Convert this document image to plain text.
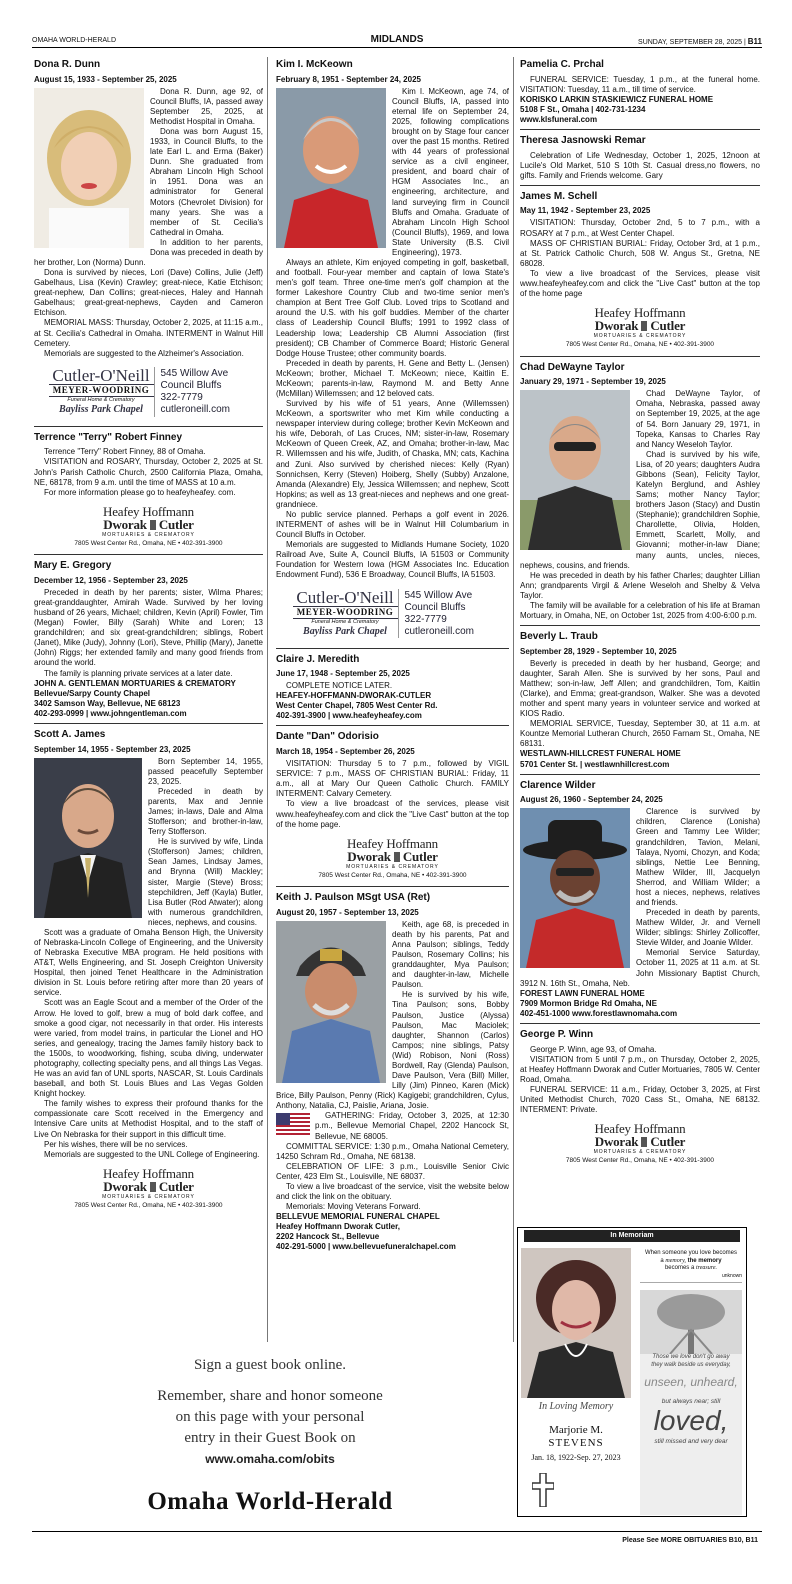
OMAHA WORLD-HERALD	MIDLANDS	SUNDAY, SEPTEMBER 28, 2025 | B11
Dona R. Dunn
August 15, 1933 - September 25, 2025

Dona R. Dunn, age 92, of Council Bluffs, IA, passed away September 25, 2025, at Methodist Hospital in Omaha.

Dona was born August 15, 1933, in Council Bluffs, to the late Earl L. and Erma (Baker) Dunn. She graduated from Abraham Lincoln High School in 1951. Dona was an administrator for General Motors (Chevrolet Division) for many years. She was a member of St. Cecilia's Cathedral in Omaha.

In addition to her parents, Dona was preceded in death by her brother, Lon (Norma) Dunn.

Dona is survived by nieces, Lori (Dave) Collins, Julie (Jeff) Gabelhaus, Lisa (Kevin) Crawley; great-niece, Katie Etchison; great-nephew, Dan Collins; great-nieces, Haley and Hannah Gabelhaus; great-great-nephews, Cayden and Cameron Etchison.

MEMORIAL MASS: Thursday, October 2, 2025, at 11:15 a.m., at St. Cecilia's Cathedral in Omaha. INTERMENT in Walnut Hill Cemetery.

Memorials are suggested to the Alzheimer's Association.

Cutler-O'Neill
MEYER-WOODRING
Funeral Home & Crematory
Bayliss Park Chapel
545 Willow Ave
Council Bluffs
322-7779
cutleroneill.com
Terrence "Terry" Robert Finney

Terrence "Terry" Robert Finney, 88 of Omaha.

VISITATION and ROSARY, Thursday, October 2, 2025 at St. John's Parish Catholic Church, 2500 California Plaza, Omaha, NE, 68178, from 9 a.m. until the time of MASS at 10 a.m.

For more information please go to heafeyheafey. com.

Heafey Hoffmann
Dworak Cutler
MORTUARIES & CREMATORY
7805 West Center Rd., Omaha, NE • 402-391-3900
Mary E. Gregory
December 12, 1956 - September 23, 2025

Preceded in death by her parents; sister, Wilma Phares; great-granddaughter, Amirah Wade. Survived by her loving husband of 26 years, Michael; children, Kevin (April) Fowler, Tim (Megan) Fowler, Billy (Sarah) White and Loren; 13 grandchildren; and six great-grandchildren; siblings, Robert (Janet), Mike (Judy), Johnny (Lori), Steve, Phillip (Mary), Janette (John) Riggs; her extended family and many good friends from around the world.

The family is planning private services at a later date.

JOHN A. GENTLEMAN MORTUARIES & CREMATORY

Bellevue/Sarpy County Chapel

3402 Samson Way, Bellevue, NE 68123

402-293-0999 | www.johngentleman.com

Scott A. James
September 14, 1955 - September 23, 2025

Born September 14, 1955, passed peacefully September 23, 2025.

Preceded in death by parents, Max and Jennie James; in-laws, Dale and Alma Stofferson; and brother-in-law, Terry Stofferson.

He is survived by wife, Linda (Stofferson) James; children, Sean James, Lindsay James, and Brynna (Will) Mackley; sister, Margie (Steve) Bross; stepchildren, Jeff (Kayla) Butler, Lisa Butler (Rod Atwater); along with numerous grandchildren, nieces, nephews, and cousins.

Scott was a graduate of Omaha Benson High, the University of Nebraska-Lincoln College of Engineering, and the University of Nebraska Executive MBA program. He held positions with AT&T, Wells Engineering, and St. Joseph Creighton University Hospital, then joined Tenet Healthcare in the Administration division in St. Louis before retiring after more than 20 years of service.

Scott was an Eagle Scout and a member of the Order of the Arrow. He loved to golf, brew a mug of bold dark coffee, and smoke a good cigar, not necessarily in that order. His interests were varied, from model trains, in particular the Lionel and HO series, and genealogy, tracing the James family history back to the 1500s, to woodworking, fishing, scuba diving, underwater photography, collecting specialty pens, and all things Las Vegas. He was an avid fan of UNL sports, NASCAR, St. Louis Cardinals baseball, and both St. Louis Blues and Las Vegas Golden Knight hockey.

The family wishes to express their profound thanks for the compassionate care Scott received in the Emergency and Intensive Care units at Methodist Hospital, and to the staff of Live On Nebraska for their support in this difficult time.

Per his wishes, there will be no services.

Memorials are suggested to the UNL College of Engineering.

Heafey Hoffmann
Dworak Cutler
MORTUARIES & CREMATORY
7805 West Center Rd., Omaha, NE • 402-391-3900
Kim I. McKeown
February 8, 1951 - September 24, 2025

Kim I. McKeown, age 74, of Council Bluffs, IA, passed into eternal life on September 24, 2025, following complications brought on by Stage four cancer over the past 15 months. Retired with 44 years of professional service as a civil engineer, president, and board chair of HGM Associates Inc., an engineering, architecture, and land surveying firm in Council Bluffs and Omaha. Graduate of Abraham Lincoln High School (Council Bluffs), 1969, and Iowa State University (B.S. Civil Engineering), 1973.

Always an athlete, Kim enjoyed competing in golf, basketball, and football. Four-year member and captain of Iowa State's men's golf team. Three one-time men's golf champion at the former Lakeshore Country Club and two-time senior men's champion at Bent Tree Golf Club. Loved trips to Scotland and around the U.S. with his golf buddies. Member of the charter class of Leadership Council Bluffs; 1991 to 1992 class of Leadership Iowa; Leadership CB Alumni Association (first president); CB Chamber of Commerce Board; Historic General Dodge House Trustee; other community boards.

Preceded in death by parents, H. Gene and Betty L. (Jensen) McKeown; brother, Michael T. McKeown; niece, Kaitlin E. McKeown; parents-in-law, Raymond M. and Betty Anne (McMillan) Willemssen; and 12 beloved cats.

Survived by his wife of 51 years, Anne (Willemssen) McKeown, a sportswriter who met Kim while conducting a newspaper interview during college; brother Kevin McKeown and his wife, Deborah, of Las Cruces, NM; sister-in-law, Rosemary McKeown of Queen Creek, AZ, and Omaha; brother-in-law, Mac R. Willemssen and his wife, Judith, of Chaska, MN; cats, Kachina and Zuni. Also survived by cherished nieces: Kelly (Ryan) Sonnichsen, Kerry (Steven) Hoiberg, Shelly (Subby) Anzalone, Amanda (Alexandre) Ely, Jessica Willemssen; and nephew, Scott Hopkins; as well as 13 great-nieces and nephews and one great-grandniece.

No public service planned. Perhaps a golf event in 2026. INTERMENT of ashes will be in Walnut Hill Columbarium in Council Bluffs in October.

Memorials are suggested to Midlands Humane Society, 1020 Railroad Ave, Suite A, Council Bluffs, IA 51503 or Community Foundation for Western Iowa (HGM Associates Inc. Education Endowment Fund), 536 E Broadway, Council Bluffs, IA 51503.

Cutler-O'Neill
MEYER-WOODRING
Funeral Home & Crematory
Bayliss Park Chapel
545 Willow Ave
Council Bluffs
322-7779
cutleroneill.com
Claire J. Meredith
June 17, 1948 - September 25, 2025

COMPLETE NOTICE LATER.

HEAFEY-HOFFMANN-DWORAK-CUTLER

West Center Chapel, 7805 West Center Rd.

402-391-3900 | www.heafeyheafey.com

Dante "Dan" Odorisio
March 18, 1954 - September 26, 2025

VISITATION: Thursday 5 to 7 p.m., followed by VIGIL SERVICE: 7 p.m., MASS OF CHRISTIAN BURIAL: Friday, 11 a.m., all at Mary Our Queen Catholic Church. FAMILY INTERMENT: Calvary Cemetery.

To view a live broadcast of the services, please visit www.heafeyheafey.com and click the "Live Cast" button at the top of the home page.

Heafey Hoffmann
Dworak Cutler
MORTUARIES & CREMATORY
7805 West Center Rd., Omaha, NE • 402-391-3900
Keith J. Paulson MSgt USA (Ret)
August 20, 1957 - September 13, 2025

Keith, age 68, is preceded in death by his parents, Pat and Anna Paulson; siblings, Teddy Paulson, Rosemary Collins; his granddaughter, Mya Paulson; and daughter-in-law, Michelle Paulson.

He is survived by his wife, Tina Paulson; sons, Bobby Paulson, Justice (Alyssa) Paulson, Mac Maciolek; daughter, Shannon (Carlos) Campos; nine siblings, Patsy (Wid) Robison, Noni (Ross) Bordwell, Ray (Glenda) Paulson, Dave Paulson, Vera (Bill) Miller, Lilly (Jim) Pinneo, Karen (Mick) Brice, Billy Paulson, Penny (Rick) Kagigebi; grandchildren, Cylus, Anthony, Natalia, CJ, Paislie, Ariana, Josie.

GATHERING: Friday, October 3, 2025, at 12:30 p.m., Bellevue Memorial Chapel, 2202 Hancock St, Bellevue, NE 68005.

COMMITTAL SERVICE: 1:30 p.m., Omaha National Cemetery, 14250 Schram Rd., Omaha, NE 68138.

CELEBRATION OF LIFE: 3 p.m., Louisville Senior Civic Center, 423 Elm St., Louisville, NE 68037.

To view a live broadcast of the service, visit the website below and click the link on the obituary.

Memorials: Moving Veterans Forward.

BELLEVUE MEMORIAL FUNERAL CHAPEL

Heafey Hoffmann Dworak Cutler,

2202 Hancock St., Bellevue

402-291-5000 | www.bellevuefuneralchapel.com

Pamelia C. Prchal

FUNERAL SERVICE: Tuesday, 1 p.m., at the funeral home. VISITATION: Tuesday, 11 a.m., till time of service.

KORISKO LARKIN STASKIEWICZ FUNERAL HOME

5108 F St., Omaha | 402-731-1234

www.klsfuneral.com

Theresa Jasnowski Remar

Celebration of Life Wednesday, October 1, 2025, 12noon at Lucile's Old Market, 510 S 10th St. Casual dress,no flowers, no gifts. Family and Friends welcome. Gary

James M. Schell
May 11, 1942 - September 23, 2025

VISITATION: Thursday, October 2nd, 5 to 7 p.m., with a ROSARY at 7 p.m., at West Center Chapel.

MASS OF CHRISTIAN BURIAL: Friday, October 3rd, at 1 p.m., at St. Patrick Catholic Church, 508 W. Angus St., Gretna, NE 68028.

To view a live broadcast of the Services, please visit www.heafeyheafey.com and click the "Live Cast" button at the top of the home page

Heafey Hoffmann
Dworak Cutler
MORTUARIES & CREMATORY
7805 West Center Rd., Omaha, NE • 402-391-3900
Chad DeWayne Taylor
January 29, 1971 - September 19, 2025

Chad DeWayne Taylor, of Omaha, Nebraska, passed away on September 19, 2025, at the age of 54. Born January 29, 1971, in Topeka, Kansas to Charles Ray and Nancy Weseloh Taylor.

Chad is survived by his wife, Lisa, of 20 years; daughters Audra Gibbons (Sean), Felicity Taylor, Katelyn Berglund, and Ashley Sams; mother Nancy Taylor; brothers Jason (Stacy) and Dustin (Stephanie); grandchildren Sophie, Charollette, Olivia, Holden, Emmett, Scarlett, Molly, and Giovanni; mother-in-law Diane; many aunts, uncles, nieces, nephews, cousins, and friends.

He was preceded in death by his father Charles; daughter Lillian Ann; grandparents Virgil & Arlene Weseloh and Shelby & Velva Taylor.

The family will be available for a celebration of his life at Braman Mortuary, in Omaha, NE, on October 1st, 2025 from 4:00-6:00 p.m.

Beverly L. Traub
September 28, 1929 - September 10, 2025

Beverly is preceded in death by her husband, George; and daughter, Sarah Allen. She is survived by her sons, Paul and Matthew; son-in-law, Jeff Allen; and grandchildren, Tom, Kaitlin (Clarke), and Emma; great-grandson, Walker. She was a devoted mother and spent many years in volunteer service and worked at KIOS Radio.

MEMORIAL SERVICE, Tuesday, September 30, at 11 a.m. at Kountze Memorial Lutheran Church, 2650 Farnam St., Omaha, NE 68131.

WESTLAWN-HILLCREST FUNERAL HOME

5701 Center St. | westlawnhillcrest.com

Clarence Wilder
August 26, 1960 - September 24, 2025

Clarence is survived by children, Clarence (Lonisha) Green and Tammy Lee Wilder; grandchildren, Tavion, Melani, Talaya, Nyomi, Chozyn, and Koda; siblings, Nettie Lee Benning, Mathew Wilder, III, Jacquelyn Sherrod, and William Wilder; a host a nieces, nephews, relatives and friends.

Preceded in death by parents, Mathew Wilder, Jr. and Vernell Wilder; siblings: Shirley Zollicoffer, Stevie Wilder, and Joanie Wilder.

Memorial Service Saturday, October 11, 2025 at 11 a.m. at St. John Missionary Baptist Church, 3912 N. 16th St., Omaha, Neb.

FOREST LAWN FUNERAL HOME

7909 Mormon Bridge Rd Omaha, NE

402-451-1000 www.forestlawnomaha.com

George P. Winn

George P. Winn, age 93, of Omaha.

VISITATION from 5 until 7 p.m., on Thursday, October 2, 2025, at Heafey Hoffmann Dworak and Cutler Mortuaries, 7805 W. Center Road, Omaha.

FUNERAL SERVICE: 11 a.m., Friday, October 3, 2025, at First United Methodist Church, 7020 Cass St., Omaha, NE 68132. INTERMENT: Private.

Heafey Hoffmann
Dworak Cutler
MORTUARIES & CREMATORY
7805 West Center Rd., Omaha, NE • 402-391-3900
In Memoriam
In Loving Memory
Marjorie M.
STEVENS
Jan. 18, 1922-Sep. 27, 2023
When someone you love becomes
a memory, the memory
becomes a treasure.
unknown
Those we love don't go away
they walk beside us everyday,
unseen, unheard,
but always near; still
loved,
still missed and very dear
Sign a guest book online.
Remember, share and honor someone
on this page with your personal
entry in their Guest Book on
www.omaha.com/obits
Omaha World-Herald
Please See MORE OBITUARIES B10, B11
